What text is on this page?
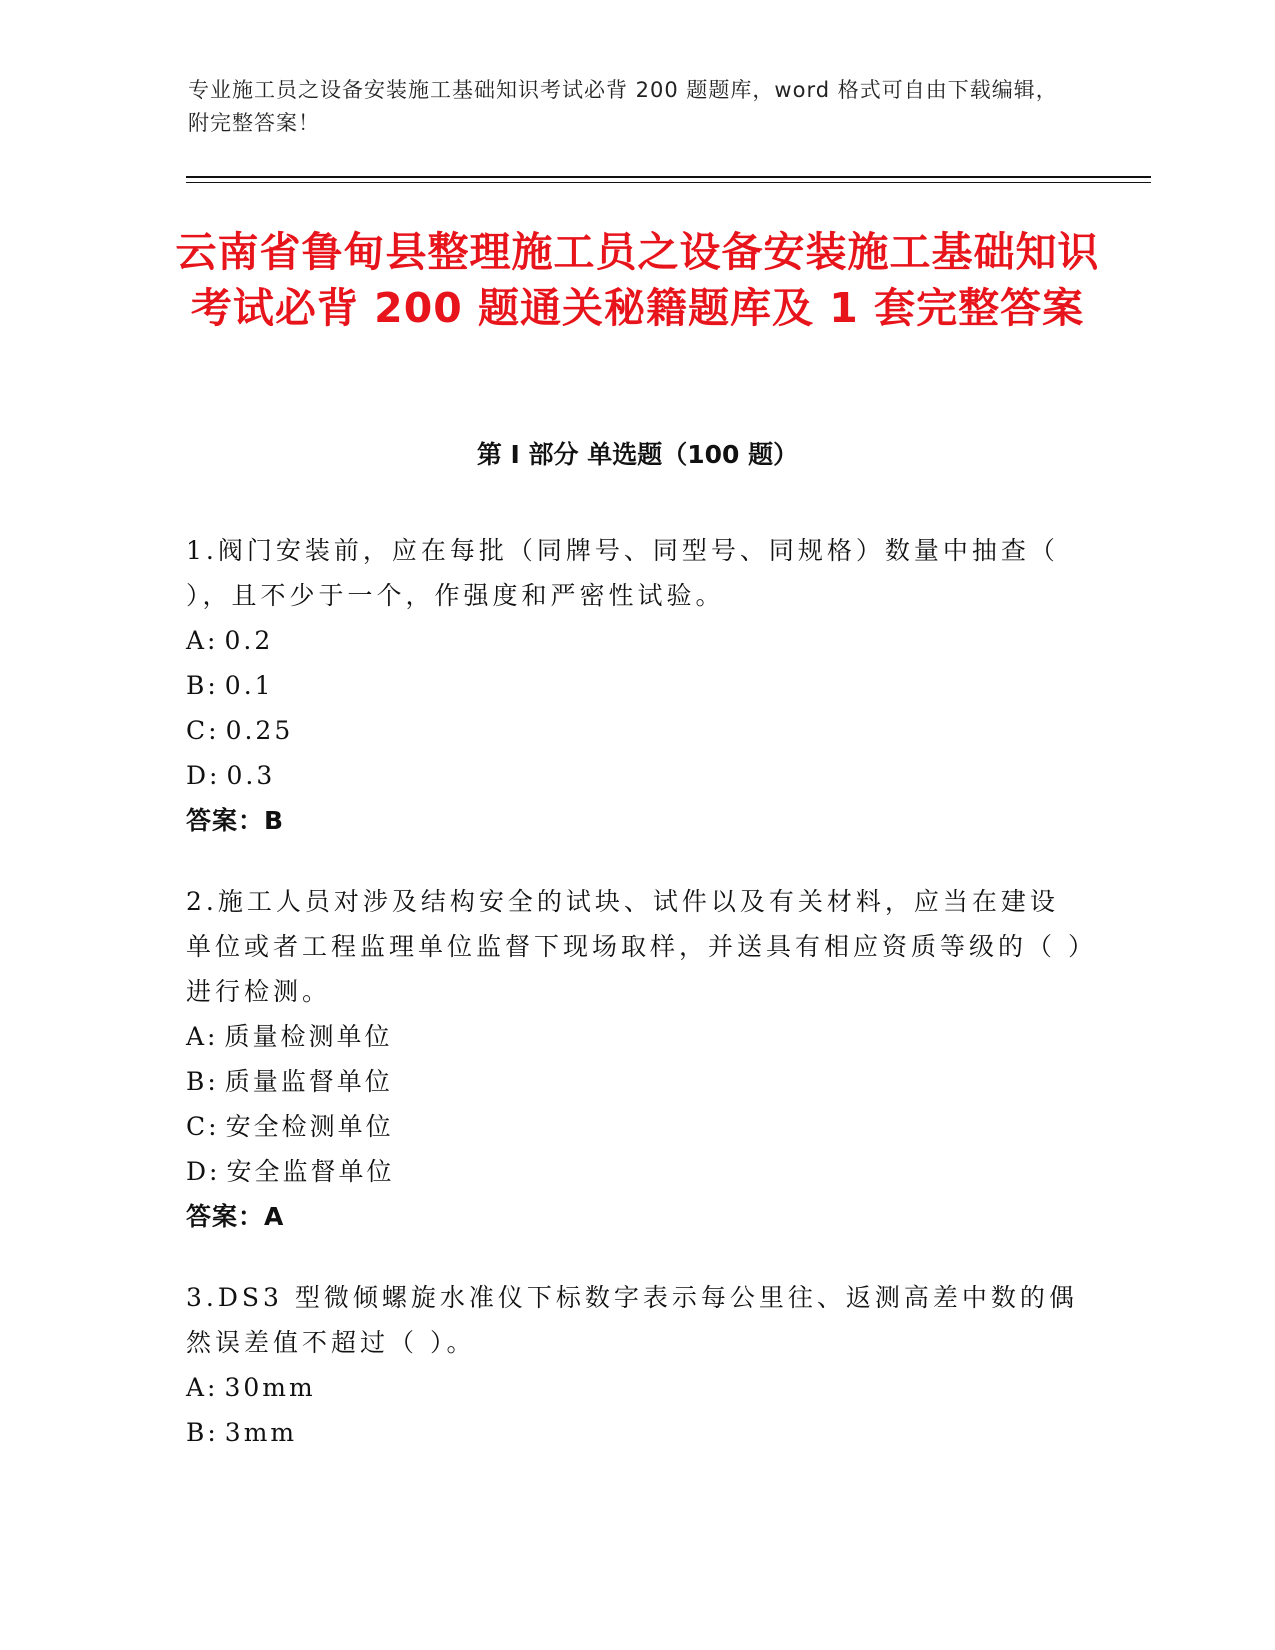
专业施工员之设备安装施工基础知识考试必背 200 题题库，word 格式可自由下载编辑，附完整答案！
云南省鲁甸县整理施工员之设备安装施工基础知识考试必背 200 题通关秘籍题库及 1 套完整答案
第 I 部分 单选题（100 题）
1.阀门安装前，应在每批（同牌号、同型号、同规格）数量中抽查（ ），且不少于一个，作强度和严密性试验。
A: 0.2
B: 0.1
C: 0.25
D: 0.3
答案：B
2.施工人员对涉及结构安全的试块、试件以及有关材料，应当在建设单位或者工程监理单位监督下现场取样，并送具有相应资质等级的（ ）进行检测。
A: 质量检测单位
B: 质量监督单位
C: 安全检测单位
D: 安全监督单位
答案：A
3.DS3 型微倾螺旋水准仪下标数字表示每公里往、返测高差中数的偶然误差值不超过（ ）。
A: 30mm
B: 3mm
